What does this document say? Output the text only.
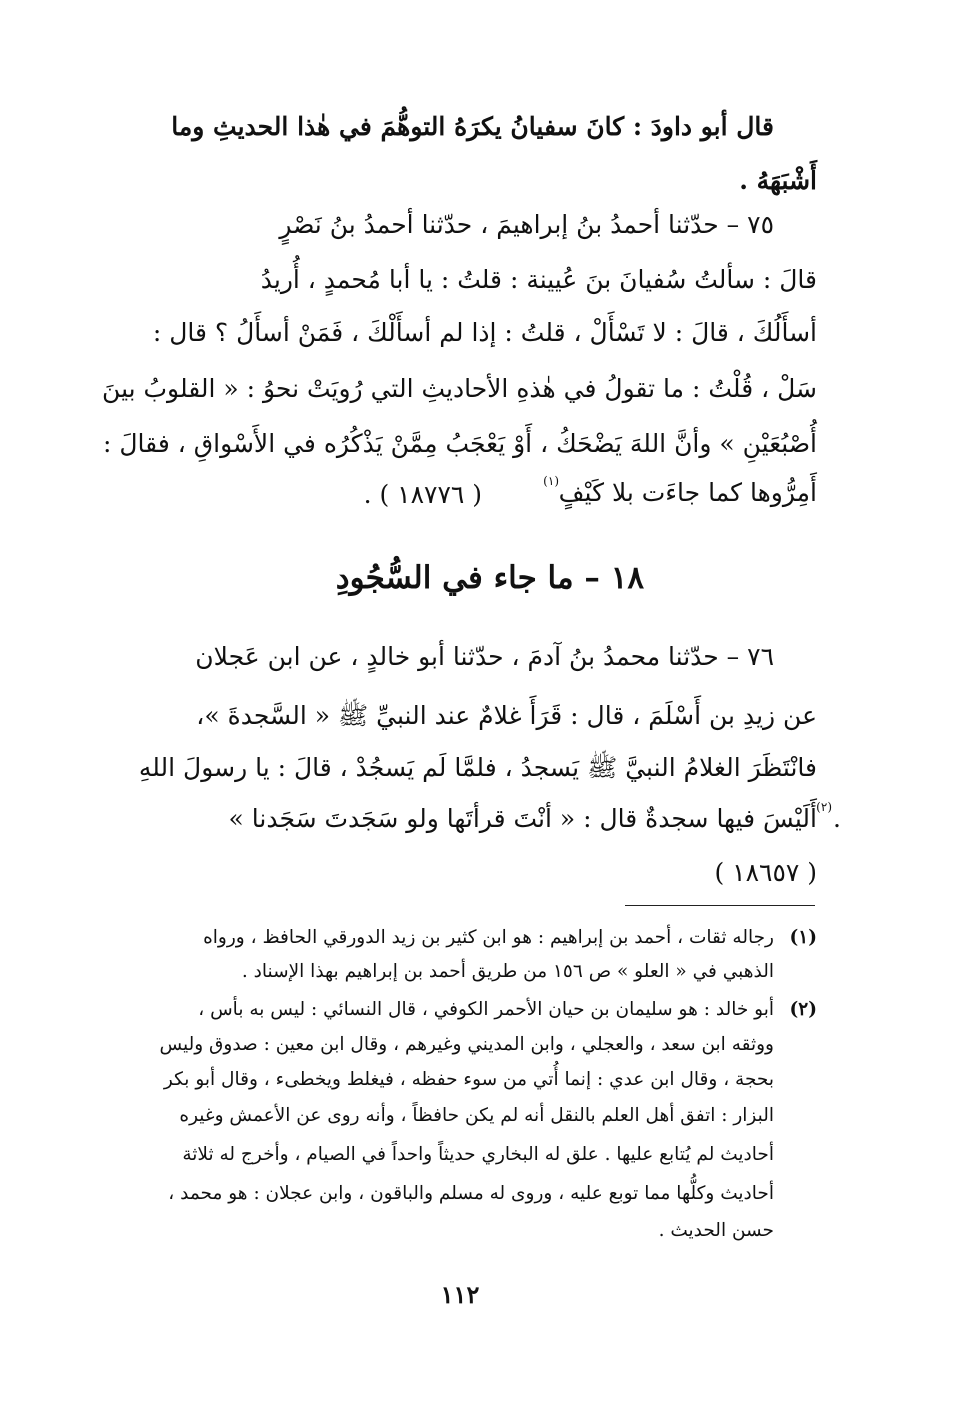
قال أبو داودَ : كانَ سفيانُ يكرَهُ التوهُّمَ في هٰذا الحديثِ وما
أَشْبَهَهُ .
٧٥ – حدّثنا أحمدُ بنُ إبراهيمَ ، حدّثنا أحمدُ بنُ نَصْرٍ
قالَ : سألتُ سُفيانَ بنَ عُيينة : قلتُ : يا أبا مُحمدٍ ، أُريدُ
أسأَلُكَ ، قالَ : لا تَسْأَلْ ، قلتُ : إذا لم أسأَلْكَ ، فَمَنْ أسأَلُ ؟ قال :
سَلْ ، قُلْتُ : ما تقولُ في هٰذهِ الأحاديثِ التي رُويَتْ نحوُ : « القلوبُ بينَ
أُصْبُعَيْنِ » وأنَّ اللهَ يَضْحَكُ ، أَوْ يَعْجَبُ مِمَّنْ يَذْكُرُه في الأَسْواقِ ، فقالَ :
أَمِرُّوها كما جاءَت بلا كَيْفٍ
(١)
( ١٨٧٧٦ ) .
١٨ – ما جاء في السُّجُودِ
٧٦ – حدّثنا محمدُ بنُ آدمَ ، حدّثنا أبو خالدٍ ، عن ابن عَجلان
عن زيدِ بن أَسْلَمَ ، قال : قَرَأَ غلامٌ عند النبيِّ ﷺ « السَّجدةَ »،
فانْتَظَرَ الغلامُ النبيَّ ﷺ يَسجدُ ، فلمَّا لَم يَسجُدْ ، قالَ : يا رسولَ اللهِ
أَلَيْسَ فيها سجدةٌ قال : « أنْتَ قرأتَها ولو سَجَدتَ سَجَدنا » (٢) .
( ١٨٦٥٧ )
(١)
رجاله ثقات ، أحمد بن إبراهيم : هو ابن كثير بن زيد الدورقي الحافظ ، ورواه
الذهبي في « العلو » ص ١٥٦ من طريق أحمد بن إبراهيم بهذا الإسناد .
(٢)
أبو خالد : هو سليمان بن حيان الأحمر الكوفي ، قال النسائي : ليس به بأس ،
ووثقه ابن سعد ، والعجلي ، وابن المديني وغيرهم ، وقال ابن معين : صدوق وليس
بحجة ، وقال ابن عدي : إنما أُتي من سوء حفظه ، فيغلط ويخطىء ، وقال أبو بكر
البزار : اتفق أهل العلم بالنقل أنه لم يكن حافظاً ، وأنه روى عن الأعمش وغيره
أحاديث لم يُتابع عليها . علق له البخاري حديثاً واحداً في الصيام ، وأخرج له ثلاثة
أحاديث وكلُّها مما توبع عليه ، وروى له مسلم والباقون ، وابن عجلان : هو محمد ،
حسن الحديث .
١١٢
